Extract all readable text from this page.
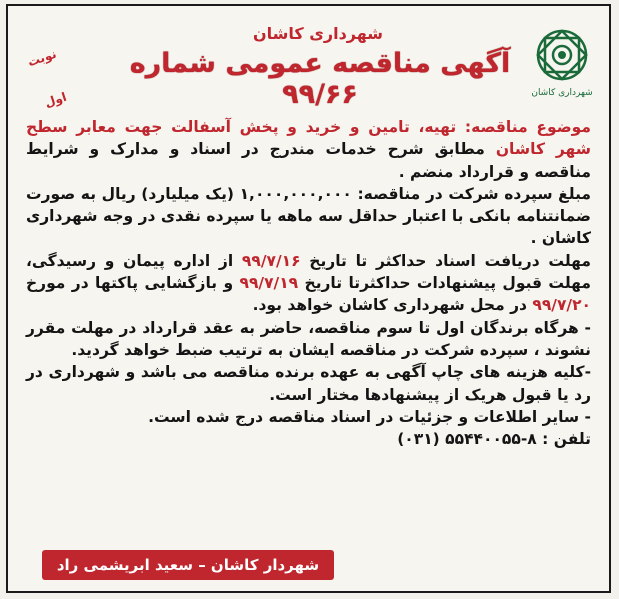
نوبت اول
شهرداری کاشان
آگهی مناقصه عمومی شماره ۹۹/۶۶	شهرداری کاشان

موضوع مناقصه: تهیه، تامین و خرید و پخش آسفالت جهت معابر سطح شهر کاشان مطابق شرح خدمات مندرج در اسناد و مدارک و شرایط مناقصه و قرارداد منضم .

مبلغ سپرده شرکت در مناقصه: ۱,۰۰۰,۰۰۰,۰۰۰ (یک میلیارد) ریال به صورت ضمانتنامه بانکی با اعتبار حداقل سه ماهه یا سپرده نقدی در وجه شهرداری کاشان .

مهلت دریافت اسناد حداکثر تا تاریخ ۹۹/۷/۱۶ از اداره پیمان و رسیدگی، مهلت قبول پیشنهادات حداکثرتا تاریخ ۹۹/۷/۱۹ و بازگشایی پاکتها در مورخ ۹۹/۷/۲۰ در محل شهرداری کاشان خواهد بود.

- هرگاه برندگان اول تا سوم مناقصه، حاضر به عقد قرارداد در مهلت مقرر نشوند ، سپرده شرکت در مناقصه ایشان به ترتیب ضبط خواهد گردید.

-کلیه هزینه های چاپ آگهی به عهده برنده مناقصه می باشد و شهرداری در رد یا قبول هریک از پیشنهادها مختار است.

- سایر اطلاعات و جزئیات در اسناد مناقصه درج شده است.

تلفن : ۸-۵۵۴۴۰۰۵۵ (۰۳۱)

شهردار کاشان – سعید ابریشمی راد
